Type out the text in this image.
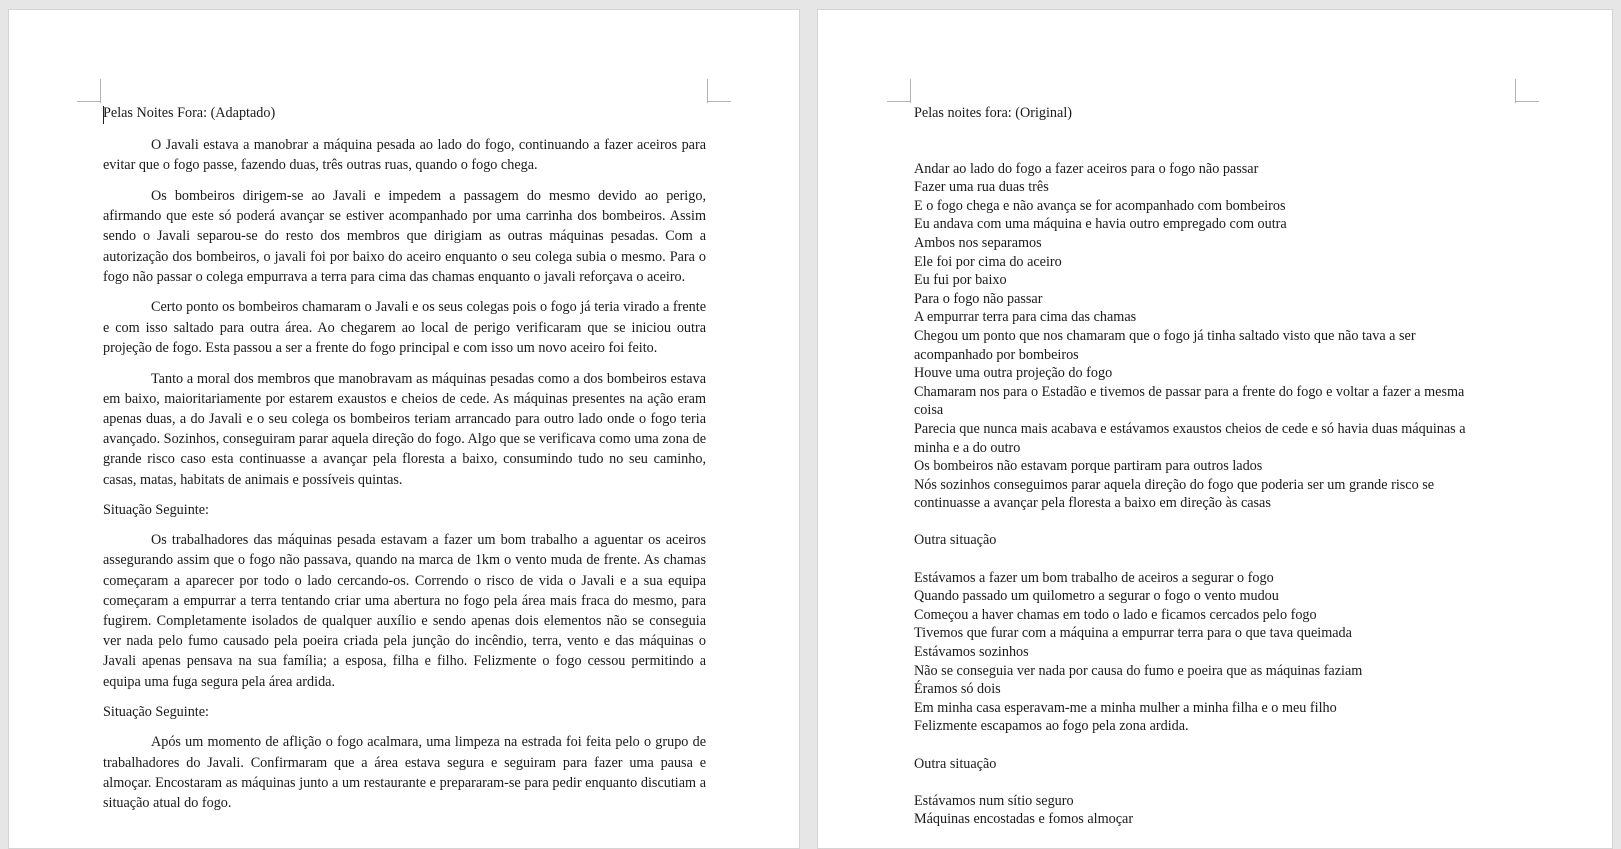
Pelas Noites Fora: (Adaptado)

O Javali estava a manobrar a máquina pesada ao lado do fogo, continuando a fazer aceiros para evitar que o fogo passe, fazendo duas, três outras ruas, quando o fogo chega.

Os bombeiros dirigem-se ao Javali e impedem a passagem do mesmo devido ao perigo, afirmando que este só poderá avançar se estiver acompanhado por uma carrinha dos bombeiros. Assim sendo o Javali separou-se do resto dos membros que dirigiam as outras máquinas pesadas. Com a autorização dos bombeiros, o javali foi por baixo do aceiro enquanto o seu colega subia o mesmo. Para o fogo não passar o colega empurrava a terra para cima das chamas enquanto o javali reforçava o aceiro.

Certo ponto os bombeiros chamaram o Javali e os seus colegas pois o fogo já teria virado a frente e com isso saltado para outra área. Ao chegarem ao local de perigo verificaram que se iniciou outra projeção de fogo. Esta passou a ser a frente do fogo principal e com isso um novo aceiro foi feito.

Tanto a moral dos membros que manobravam as máquinas pesadas como a dos bombeiros estava em baixo, maioritariamente por estarem exaustos e cheios de cede. As máquinas presentes na ação eram apenas duas, a do Javali e o seu colega os bombeiros teriam arrancado para outro lado onde o fogo teria avançado. Sozinhos, conseguiram parar aquela direção do fogo. Algo que se verificava como uma zona de grande risco caso esta continuasse a avançar pela floresta a baixo, consumindo tudo no seu caminho, casas, matas, habitats de animais e possíveis quintas.

Situação Seguinte:

Os trabalhadores das máquinas pesada estavam a fazer um bom trabalho a aguentar os aceiros assegurando assim que o fogo não passava, quando na marca de 1km o vento muda de frente. As chamas começaram a aparecer por todo o lado cercando-os. Correndo o risco de vida o Javali e a sua equipa começaram a empurrar a terra tentando criar uma abertura no fogo pela área mais fraca do mesmo, para fugirem. Completamente isolados de qualquer auxílio e sendo apenas dois elementos não se conseguia ver nada pelo fumo causado pela poeira criada pela junção do incêndio, terra, vento e das máquinas o Javali apenas pensava na sua família; a esposa, filha e filho. Felizmente o fogo cessou permitindo a equipa uma fuga segura pela área ardida.

Situação Seguinte:

Após um momento de aflição o fogo acalmara, uma limpeza na estrada foi feita pelo o grupo de trabalhadores do Javali. Confirmaram que a área estava segura e seguiram para fazer uma pausa e almoçar. Encostaram as máquinas junto a um restaurante e prepararam-se para pedir enquanto discutiam a situação atual do fogo.

Pelas noites fora: (Original)
Andar ao lado do fogo a fazer aceiros para o fogo não passar
Fazer uma rua duas três
E o fogo chega e não avança se for acompanhado com bombeiros
Eu andava com uma máquina e havia outro empregado com outra
Ambos nos separamos
Ele foi por cima do aceiro
Eu fui por baixo
Para o fogo não passar
A empurrar terra para cima das chamas
Chegou um ponto que nos chamaram que o fogo já tinha saltado visto que não tava a ser
acompanhado por bombeiros
Houve uma outra projeção do fogo
Chamaram nos para o Estadão e tivemos de passar para a frente do fogo e voltar a fazer a mesma
coisa
Parecia que nunca mais acabava e estávamos exaustos cheios de cede e só havia duas máquinas a
minha e a do outro
Os bombeiros não estavam porque partiram para outros lados
Nós sozinhos conseguimos parar aquela direção do fogo que poderia ser um grande risco se
continuasse a avançar pela floresta a baixo em direção às casas
Outra situação
Estávamos a fazer um bom trabalho de aceiros a segurar o fogo
Quando passado um quilometro a segurar o fogo o vento mudou
Começou a haver chamas em todo o lado e ficamos cercados pelo fogo
Tivemos que furar com a máquina a empurrar terra para o que tava queimada
Estávamos sozinhos
Não se conseguia ver nada por causa do fumo e poeira que as máquinas faziam
Éramos só dois
Em minha casa esperavam-me a minha mulher a minha filha e o meu filho
Felizmente escapamos ao fogo pela zona ardida.
Outra situação
Estávamos num sítio seguro
Máquinas encostadas e fomos almoçar
